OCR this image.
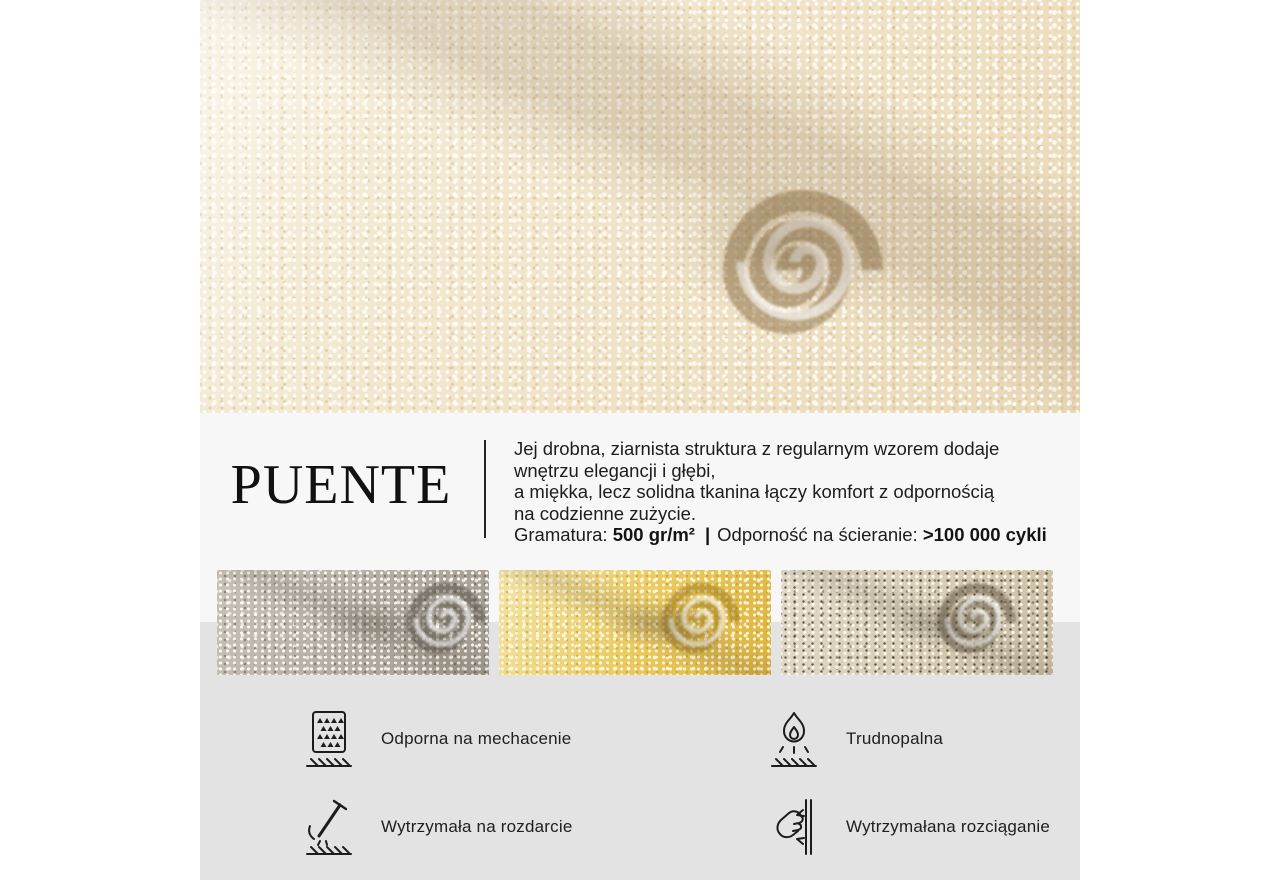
PUENTE
Jej drobna, ziarnista struktura z regularnym wzorem dodaje
wnętrzu elegancji i głębi,
a miękka, lecz solidna tkanina łączy komfort z odpornością
na codzienne zużycie.
Gramatura: 500 gr/m² | Odporność na ścieranie: >100 000 cykli
Odporna na mechacenie	Trudnopalna
Wytrzymała na rozdarcie	Wytrzymałana rozciąganie
